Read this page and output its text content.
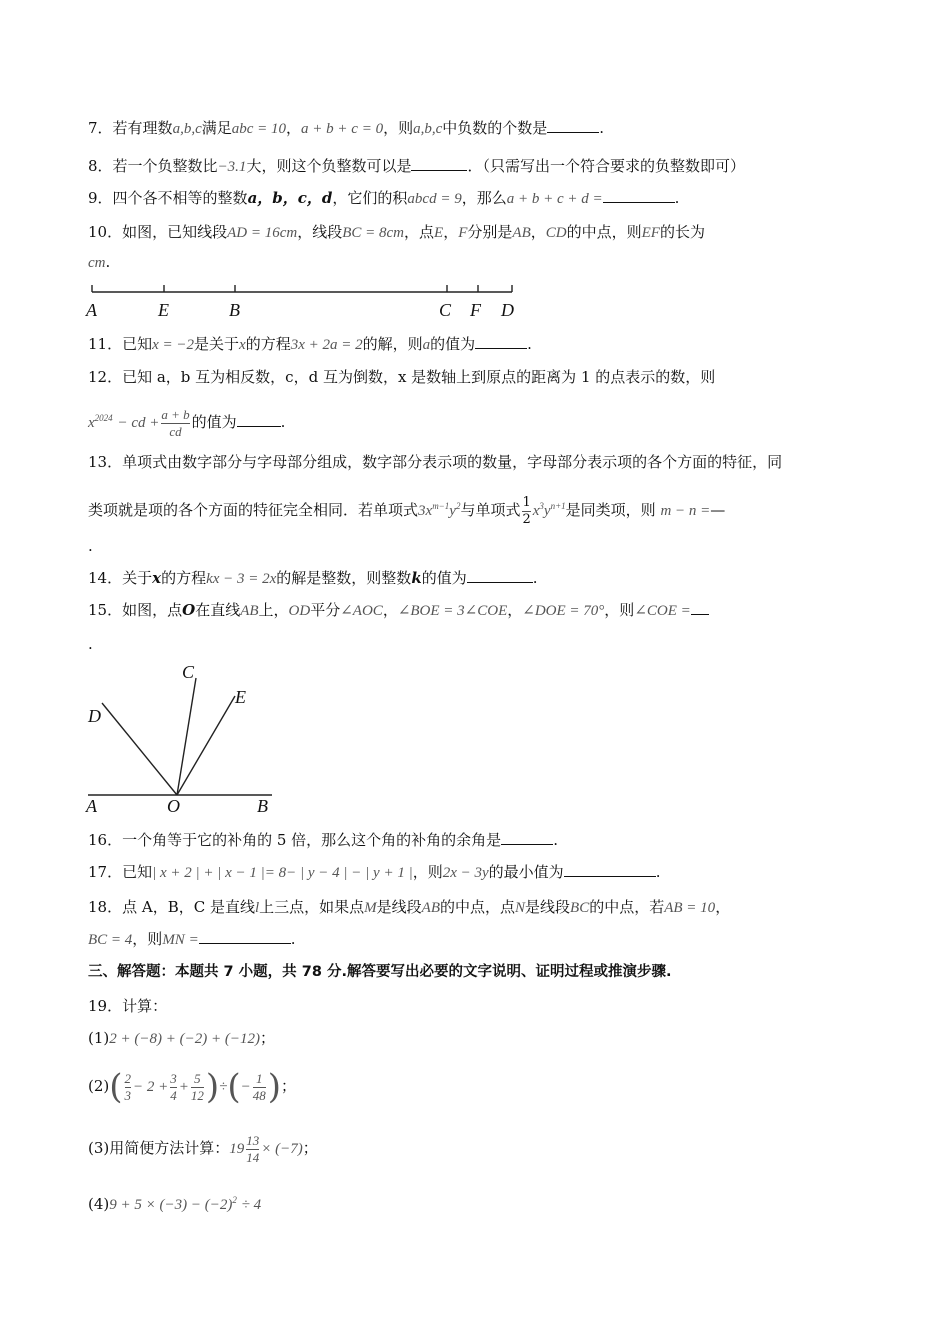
7．若有理数a,b,c满足abc = 10，a + b + c = 0，则a,b,c中负数的个数是	.
8．若一个负整数比−3.1大，则这个负整数可以是	．（只需写出一个符合要求的负整数即可）
9．四个各不相等的整数a，b，c，d，它们的积abcd = 9，那么a + b + c + d =	.
10．如图，已知线段AD = 16cm，线段BC = 8cm，点E，F分别是AB，CD的中点，则EF的长为
cm.
A	E	B	C F D
11．已知x = −2是关于x的方程3x + 2a = 2的解，则a的值为	.
12．已知 a，b 互为相反数，c，d 互为倒数，x 是数轴上到原点的距离为 1 的点表示的数，则
$x^{2024}$ − cd + $\frac{a + b}{cd}$ 的值为	.
13．单项式由数字部分与字母部分组成，数字部分表示项的数量，字母部分表示项的各个方面的特征，同
类项就是项的各个方面的特征完全相同．若单项式$3x^{m-1}y^2$与单项式 $\frac{1}{2} x^3y^{n+1}$是同类项，则 m − n =—
.
14．关于x的方程kx − 3 = 2x的解是整数，则整数k的值为	.
15．如图，点O在直线AB上，OD平分∠AOC，∠BOE = 3∠COE，∠DOE = 70°，则∠COE =
.
C
E
D
A	O	B
16．一个角等于它的补角的 5 倍，那么这个角的补角的余角是	.
17．已知| x + 2 | + | x − 1 |= 8− | y − 4 | − | y + 1 |，则2x − 3y的最小值为	.
18．点 A，B，C 是直线l上三点，如果点M是线段AB的中点，点N是线段BC的中点，若AB = 10，
BC = 4，则MN =	.
三、解答题：本题共 7 小题，共 78 分.解答要写出必要的文字说明、证明过程或推演步骤.
19．计算：
(1)2 + (−8) + (−2) + (−12)；
$(2)( \frac{2}{3} - 2 + \frac{3}{4} + \frac{5}{12}$ )÷(− $\frac{1}{48}$ )；
(3)用简便方法计算：$19 \frac{13}{14} \times (-7)$；
$(4)9 + 5 \times (-3) - (-2)^2 \div 4$
